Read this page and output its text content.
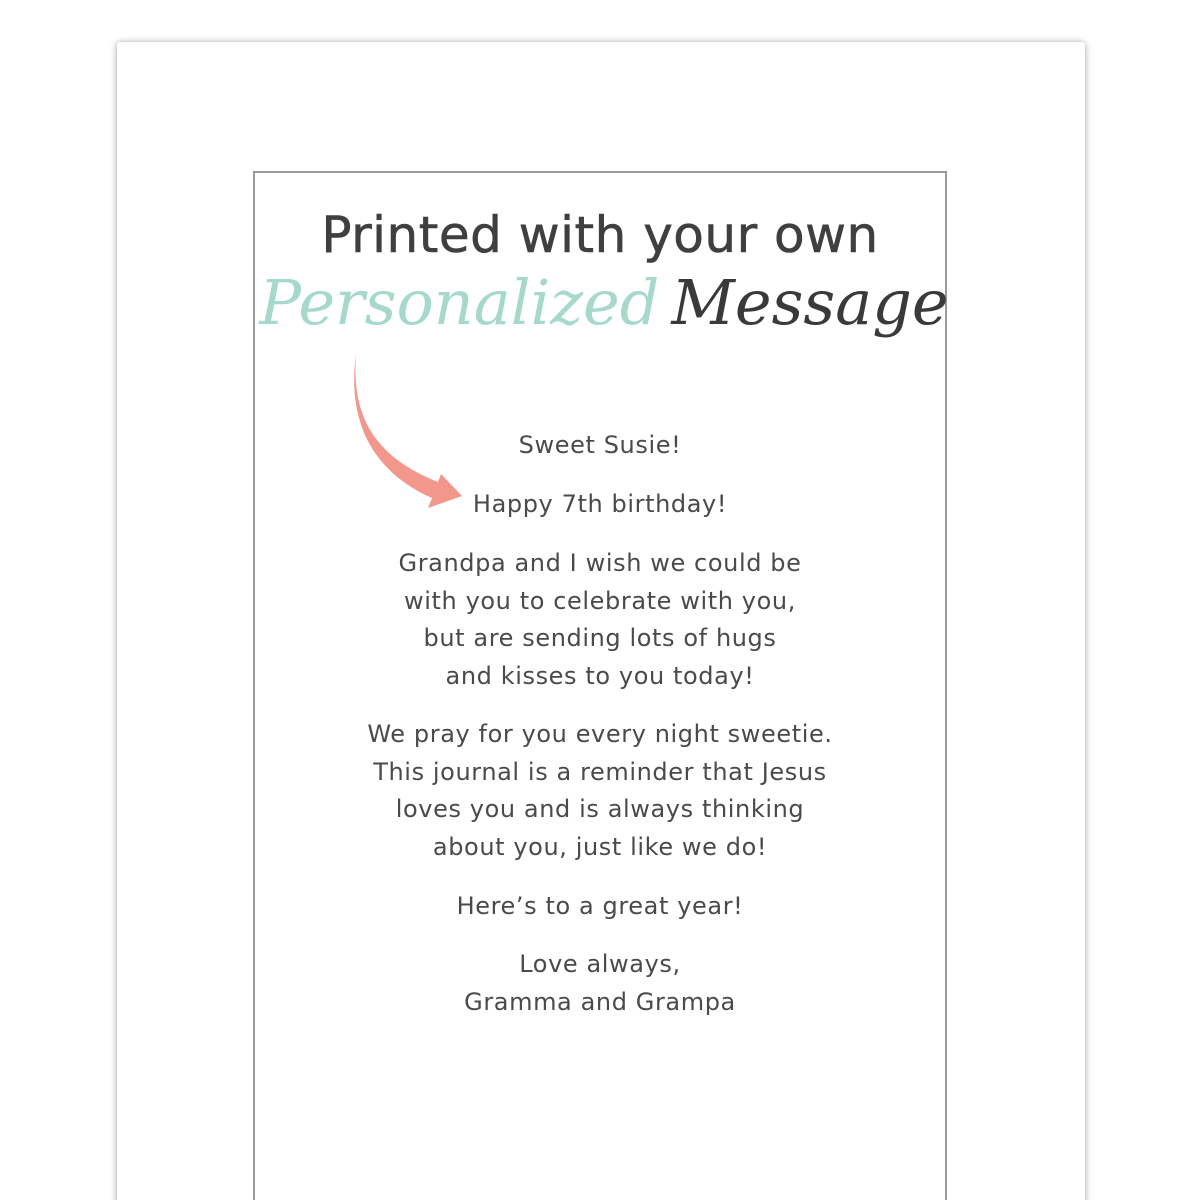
Printed with your own
Personalized Message

Sweet Susie!

Happy 7th birthday!

Grandpa and I wish we could be
with you to celebrate with you,
but are sending lots of hugs
and kisses to you today!

We pray for you every night sweetie.
This journal is a reminder that Jesus
loves you and is always thinking
about you, just like we do!

Here’s to a great year!

Love always,
Gramma and Grampa
